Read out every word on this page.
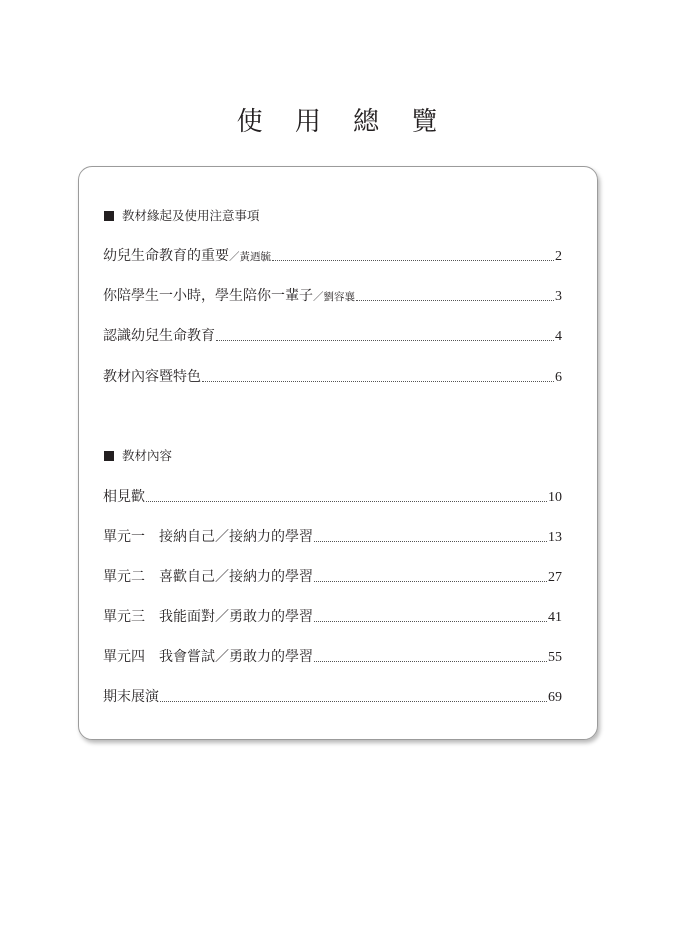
使 用 總 覽
教材緣起及使用注意事項
幼兒生命教育的重要 ／黃迺毓	2
你陪學生一小時，學生陪你一輩子 ／劉容襄	3
認識幼兒生命教育	4
教材內容暨特色	6
教材內容
相見歡	10
單元一　接納自己／接納力的學習	13
單元二　喜歡自己／接納力的學習	27
單元三　我能面對／勇敢力的學習	41
單元四　我會嘗試／勇敢力的學習	55
期末展演	69
